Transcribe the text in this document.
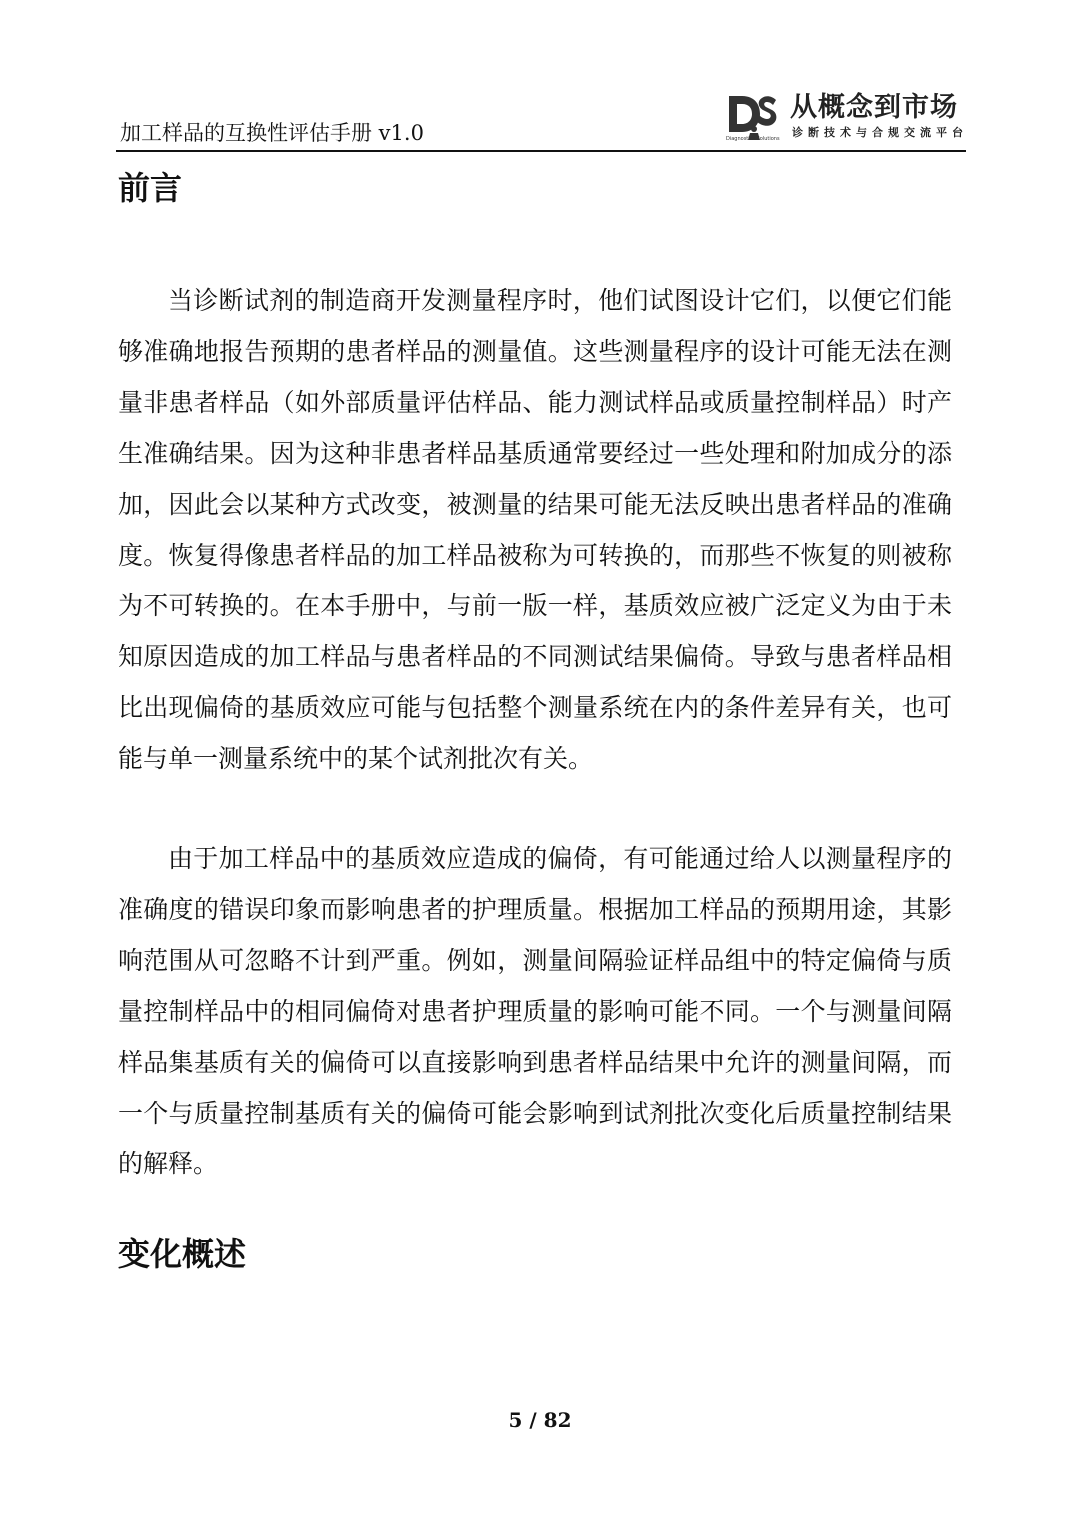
加工样品的互换性评估手册 v1.0	Diagnostics Solutions
从概念到市场
诊断技术与合规交流平台
前言

当诊断试剂的制造商开发测量程序时，他们试图设计它们，以便它们能够准确地报告预期的患者样品的测量值。这些测量程序的设计可能无法在测量非患者样品（如外部质量评估样品、能力测试样品或质量控制样品）时产生准确结果。因为这种非患者样品基质通常要经过一些处理和附加成分的添加，因此会以某种方式改变，被测量的结果可能无法反映出患者样品的准确度。恢复得像患者样品的加工样品被称为可转换的，而那些不恢复的则被称为不可转换的。在本手册中，与前一版一样，基质效应被广泛定义为由于未知原因造成的加工样品与患者样品的不同测试结果偏倚。导致与患者样品相比出现偏倚的基质效应可能与包括整个测量系统在内的条件差异有关，也可能与单一测量系统中的某个试剂批次有关。

由于加工样品中的基质效应造成的偏倚，有可能通过给人以测量程序的准确度的错误印象而影响患者的护理质量。根据加工样品的预期用途，其影响范围从可忽略不计到严重。例如，测量间隔验证样品组中的特定偏倚与质量控制样品中的相同偏倚对患者护理质量的影响可能不同。一个与测量间隔样品集基质有关的偏倚可以直接影响到患者样品结果中允许的测量间隔，而一个与质量控制基质有关的偏倚可能会影响到试剂批次变化后质量控制结果的解释。

变化概述
5 / 82
